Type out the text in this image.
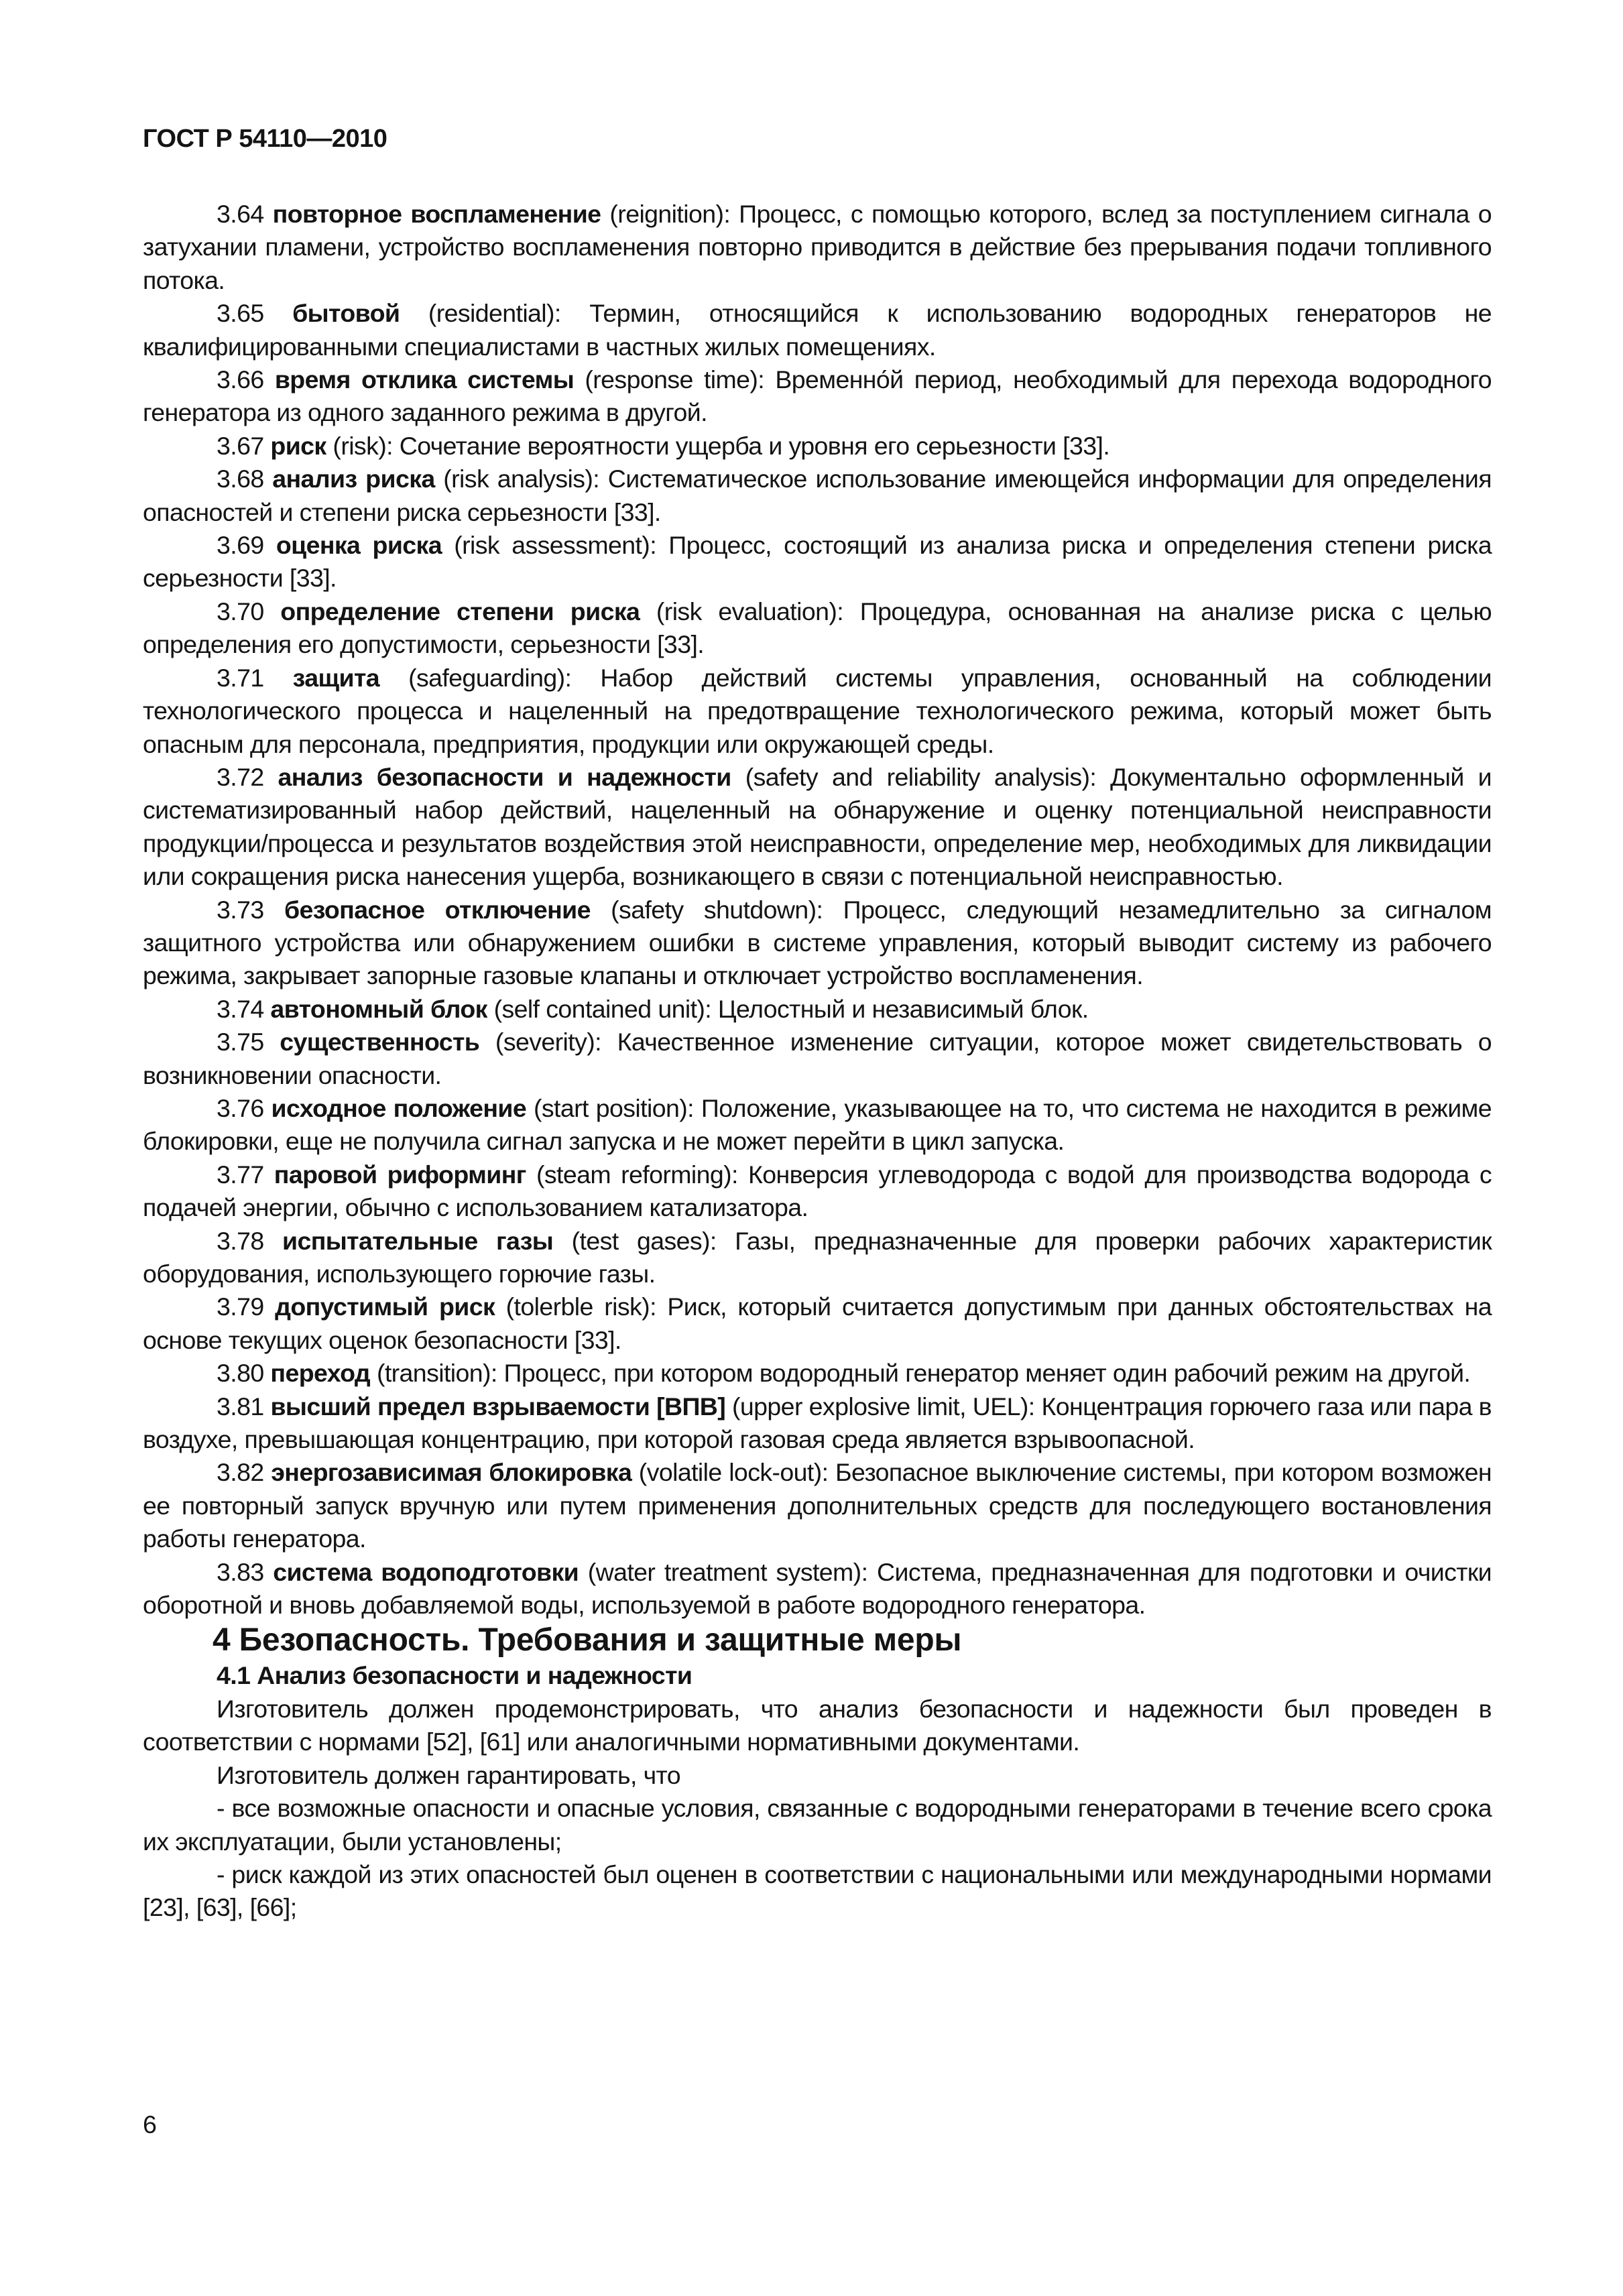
ГОСТ Р 54110—2010

3.64 повторное воспламенение (reignition): Процесс, с помощью которого, вслед за поступлением сигнала о затухании пламени, устройство воспламенения повторно приводится в действие без прерывания подачи топливного потока.

3.65 бытовой (residential): Термин, относящийся к использованию водородных генераторов не квалифицированными специалистами в частных жилых помещениях.

3.66 время отклика системы (response time): Временно́й период, необходимый для перехода водородного генератора из одного заданного режима в другой.

3.67 риск (risk): Сочетание вероятности ущерба и уровня его серьезности [33].

3.68 анализ риска (risk analysis): Систематическое использование имеющейся информации для определения опасностей и степени риска серьезности [33].

3.69 оценка риска (risk assessment): Процесс, состоящий из анализа риска и определения степени риска серьезности [33].

3.70 определение степени риска (risk evaluation): Процедура, основанная на анализе риска с целью определения его допустимости, серьезности [33].

3.71 защита (safeguarding): Набор действий системы управления, основанный на соблюдении технологического процесса и нацеленный на предотвращение технологического режима, который может быть опасным для персонала, предприятия, продукции или окружающей среды.

3.72 анализ безопасности и надежности (safety and reliability analysis): Документально оформленный и систематизированный набор действий, нацеленный на обнаружение и оценку потенциальной неисправности продукции/процесса и результатов воздействия этой неисправности, определение мер, необходимых для ликвидации или сокращения риска нанесения ущерба, возникающего в связи с потенциальной неисправностью.

3.73 безопасное отключение (safety shutdown): Процесс, следующий незамедлительно за сигналом защитного устройства или обнаружением ошибки в системе управления, который выводит систему из рабочего режима, закрывает запорные газовые клапаны и отключает устройство воспламенения.

3.74 автономный блок (self contained unit): Целостный и независимый блок.

3.75 существенность (severity): Качественное изменение ситуации, которое может свидетельствовать о возникновении опасности.

3.76 исходное положение (start position): Положение, указывающее на то, что система не находится в режиме блокировки, еще не получила сигнал запуска и не может перейти в цикл запуска.

3.77 паровой риформинг (steam reforming): Конверсия углеводорода с водой для производства водорода с подачей энергии, обычно с использованием катализатора.

3.78 испытательные газы (test gases): Газы, предназначенные для проверки рабочих характеристик оборудования, использующего горючие газы.

3.79 допустимый риск (tolerble risk): Риск, который считается допустимым при данных обстоятельствах на основе текущих оценок безопасности [33].

3.80 переход (transition): Процесс, при котором водородный генератор меняет один рабочий режим на другой.

3.81 высший предел взрываемости [ВПВ] (upper explosive limit, UEL): Концентрация горючего газа или пара в воздухе, превышающая концентрацию, при которой газовая среда является взрывоопасной.

3.82 энергозависимая блокировка (volatile lock-out): Безопасное выключение системы, при котором возможен ее повторный запуск вручную или путем применения дополнительных средств для последующего востановления работы генератора.

3.83 система водоподготовки (water treatment system): Система, предназначенная для подготовки и очистки оборотной и вновь добавляемой воды, используемой в работе водородного генератора.

4 Безопасность. Требования и защитные меры

4.1 Анализ безопасности и надежности

Изготовитель должен продемонстрировать, что анализ безопасности и надежности был проведен в соответствии с нормами [52], [61] или аналогичными нормативными документами.

Изготовитель должен гарантировать, что

- все возможные опасности и опасные условия, связанные с водородными генераторами в течение всего срока их эксплуатации, были установлены;

- риск каждой из этих опасностей был оценен в соответствии с национальными или международными нормами [23], [63], [66];

6
